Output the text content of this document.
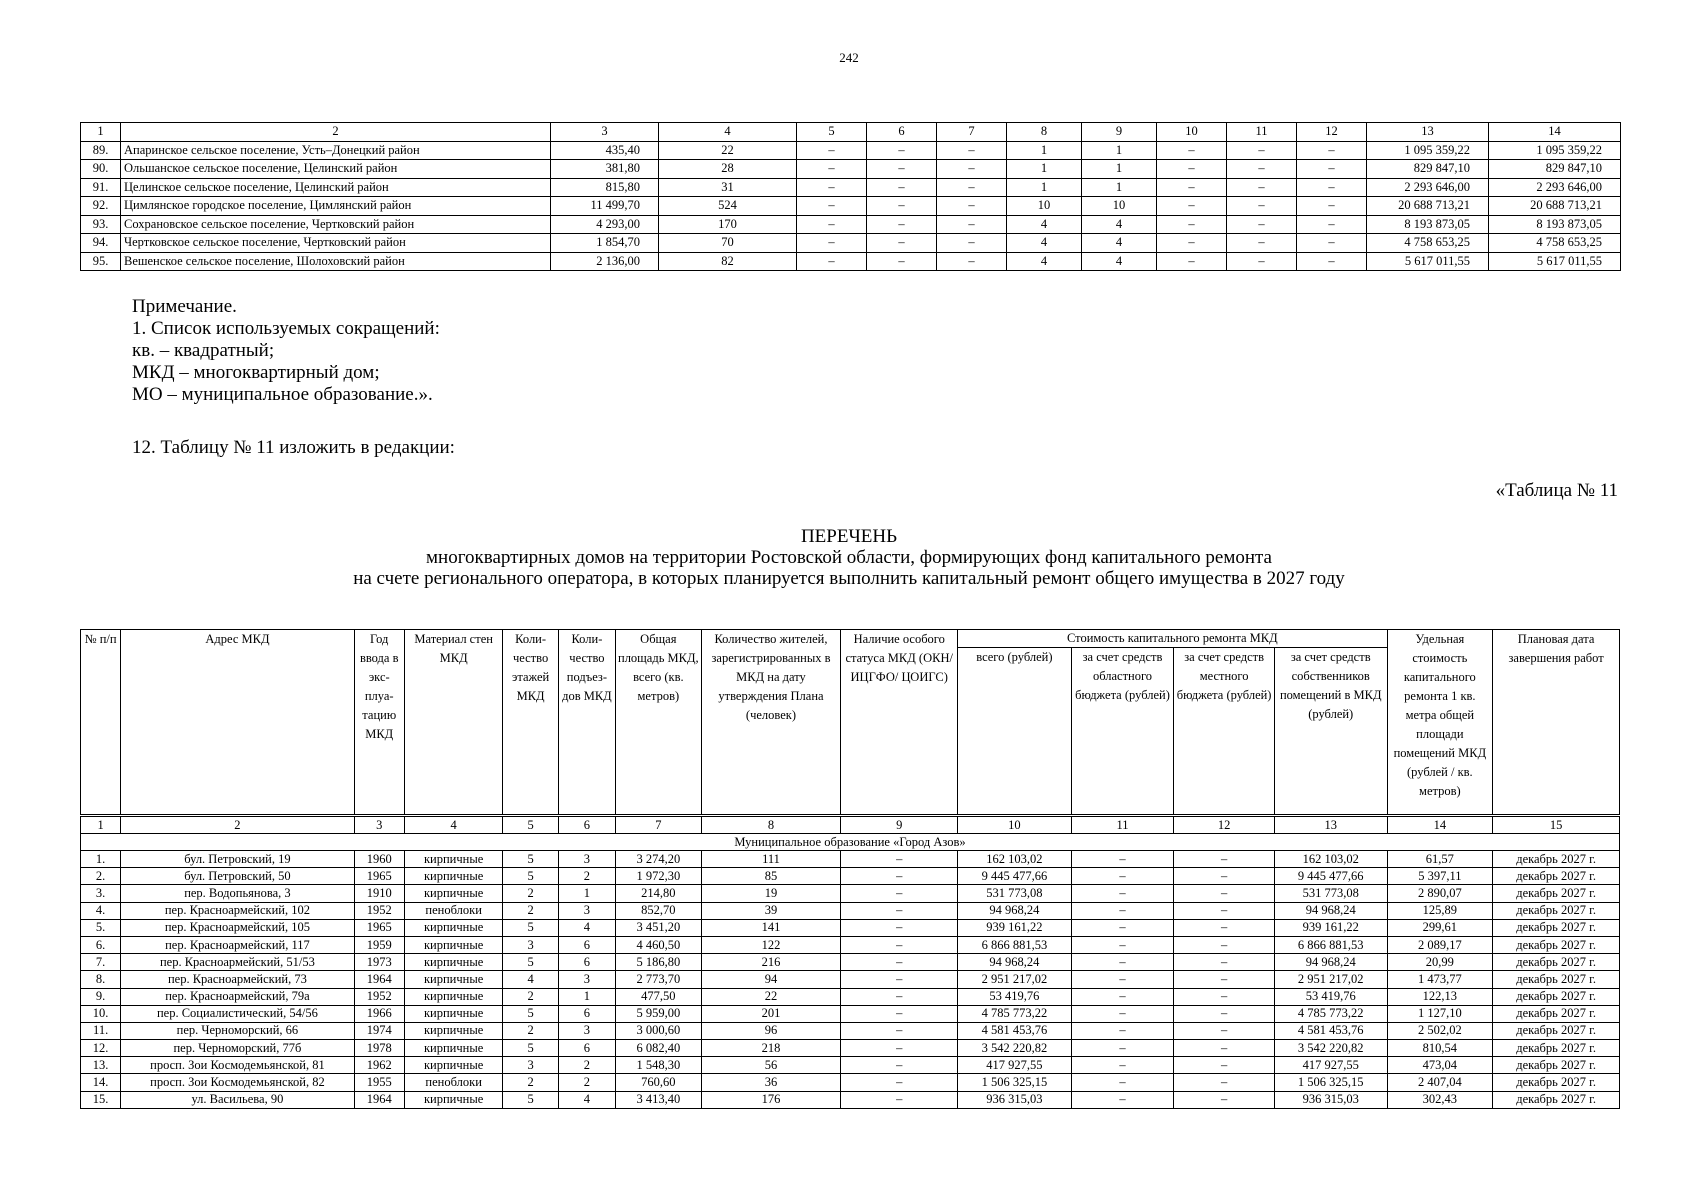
242
1	2	3	4	5	6	7	8	9	10	11	12	13	14
89.	Апаринское сельское поселение, Усть–Донецкий район	435,40	22	–	–	–	1	1	–	–	–	1 095 359,22	1 095 359,22
90.	Ольшанское сельское поселение, Целинский район	381,80	28	–	–	–	1	1	–	–	–	829 847,10	829 847,10
91.	Целинское сельское поселение, Целинский район	815,80	31	–	–	–	1	1	–	–	–	2 293 646,00	2 293 646,00
92.	Цимлянское городское поселение, Цимлянский район	11 499,70	524	–	–	–	10	10	–	–	–	20 688 713,21	20 688 713,21
93.	Сохрановское сельское поселение, Чертковский район	4 293,00	170	–	–	–	4	4	–	–	–	8 193 873,05	8 193 873,05
94.	Чертковское сельское поселение, Чертковский район	1 854,70	70	–	–	–	4	4	–	–	–	4 758 653,25	4 758 653,25
95.	Вешенское сельское поселение, Шолоховский район	2 136,00	82	–	–	–	4	4	–	–	–	5 617 011,55	5 617 011,55
Примечание.
1. Список используемых сокращений:
кв. – квадратный;
МКД – многоквартирный дом;
МО – муниципальное образование.».
12. Таблицу № 11 изложить в редакции:
«Таблица № 11
ПЕРЕЧЕНЬ
многоквартирных домов на территории Ростовской области, формирующих фонд капитального ремонта
на счете регионального оператора, в которых планируется выполнить капитальный ремонт общего имущества в 2027 году
№ п/п	Адрес МКД	Год ввода в экс-плуа-тацию МКД	Материал стен МКД	Коли-чество этажей МКД	Коли-чество подъез-дов МКД	Общая площадь МКД, всего (кв. метров)	Количество жителей, зарегистрированных в МКД на дату утверждения Плана (человек)	Наличие особого статуса МКД (ОКН/ИЦГФО/ ЦОИГС)	Стоимость капитального ремонта МКД				Удельная стоимость капитального ремонта 1 кв. метра общей площади помещений МКД (рублей / кв. метров)	Плановая дата завершения работ
									всего (рублей)	за счет средств областного бюджета (рублей)	за счет средств местного бюджета (рублей)	за счет средств собственников помещений в МКД (рублей)		
1	2	3	4	5	6	7	8	9	10	11	12	13	14	15
Муниципальное образование «Город Азов»														
1.	бул. Петровский, 19	1960	кирпичные	5	3	3 274,20	111	–	162 103,02	–	–	162 103,02	61,57	декабрь 2027 г.
2.	бул. Петровский, 50	1965	кирпичные	5	2	1 972,30	85	–	9 445 477,66	–	–	9 445 477,66	5 397,11	декабрь 2027 г.
3.	пер. Водопьянова, 3	1910	кирпичные	2	1	214,80	19	–	531 773,08	–	–	531 773,08	2 890,07	декабрь 2027 г.
4.	пер. Красноармейский, 102	1952	пеноблоки	2	3	852,70	39	–	94 968,24	–	–	94 968,24	125,89	декабрь 2027 г.
5.	пер. Красноармейский, 105	1965	кирпичные	5	4	3 451,20	141	–	939 161,22	–	–	939 161,22	299,61	декабрь 2027 г.
6.	пер. Красноармейский, 117	1959	кирпичные	3	6	4 460,50	122	–	6 866 881,53	–	–	6 866 881,53	2 089,17	декабрь 2027 г.
7.	пер. Красноармейский, 51/53	1973	кирпичные	5	6	5 186,80	216	–	94 968,24	–	–	94 968,24	20,99	декабрь 2027 г.
8.	пер. Красноармейский, 73	1964	кирпичные	4	3	2 773,70	94	–	2 951 217,02	–	–	2 951 217,02	1 473,77	декабрь 2027 г.
9.	пер. Красноармейский, 79а	1952	кирпичные	2	1	477,50	22	–	53 419,76	–	–	53 419,76	122,13	декабрь 2027 г.
10.	пер. Социалистический, 54/56	1966	кирпичные	5	6	5 959,00	201	–	4 785 773,22	–	–	4 785 773,22	1 127,10	декабрь 2027 г.
11.	пер. Черноморский, 66	1974	кирпичные	2	3	3 000,60	96	–	4 581 453,76	–	–	4 581 453,76	2 502,02	декабрь 2027 г.
12.	пер. Черноморский, 77б	1978	кирпичные	5	6	6 082,40	218	–	3 542 220,82	–	–	3 542 220,82	810,54	декабрь 2027 г.
13.	просп. Зои Космодемьянской, 81	1962	кирпичные	3	2	1 548,30	56	–	417 927,55	–	–	417 927,55	473,04	декабрь 2027 г.
14.	просп. Зои Космодемьянской, 82	1955	пеноблоки	2	2	760,60	36	–	1 506 325,15	–	–	1 506 325,15	2 407,04	декабрь 2027 г.
15.	ул. Васильева, 90	1964	кирпичные	5	4	3 413,40	176	–	936 315,03	–	–	936 315,03	302,43	декабрь 2027 г.
